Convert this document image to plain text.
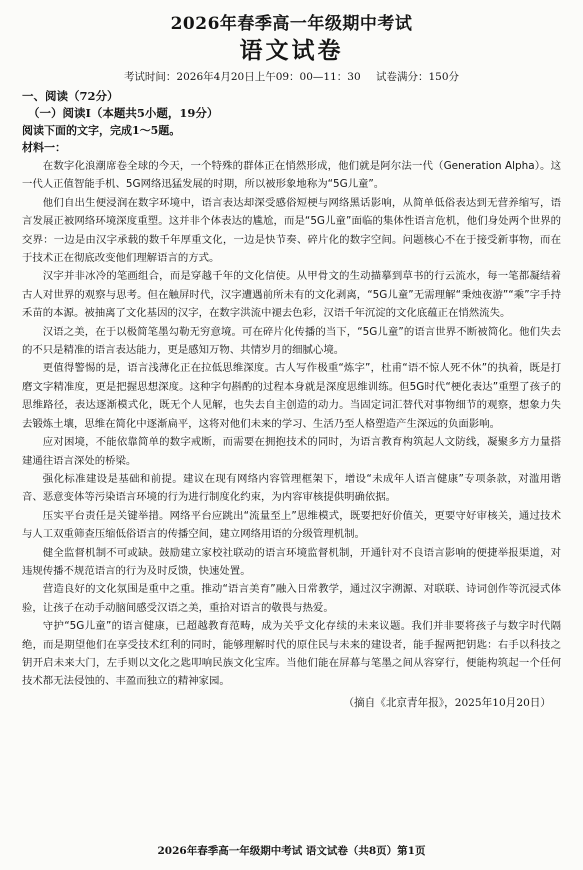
2026年春季高一年级期中考试
语文试卷
考试时间：2026年4月20日上午09：00—11：30 试卷满分：150分
一、阅读（72分）
（一）阅读Ⅰ（本题共5小题，19分）
阅读下面的文字，完成1～5题。
材料一：

在数字化浪潮席卷全球的今天，一个特殊的群体正在悄然形成，他们就是阿尔法一代（Generation Alpha）。这一代人正值智能手机、5G网络迅猛发展的时期，所以被形象地称为“5G儿童”。

他们自出生便浸润在数字环境中，语言表达却深受感俗短梗与网络黑话影响，从简单低俗表达到无营养缩写，语言发展正被网络环境深度重塑。这并非个体表达的尴尬，而是“5G儿童”面临的集体性语言危机，他们身处两个世界的交界：一边是由汉字承载的数千年厚重文化，一边是快节奏、碎片化的数字空间。问题核心不在于接受新事物，而在于技术正在彻底改变他们理解语言的方式。

汉字并非冰冷的笔画组合，而是穿越千年的文化信使。从甲骨文的生动描摹到草书的行云流水，每一笔都凝结着古人对世界的观察与思考。但在触屏时代，汉字遭遇前所未有的文化剥离，“5G儿童”无需理解“秉烛夜游”“乘”字手持禾苗的本源。被抽离了文化基因的汉字，在数字洪流中褪去色彩，汉语千年沉淀的文化底蕴正在悄然流失。

汉语之美，在于以极简笔墨勾勒无穷意境。可在碎片化传播的当下，“5G儿童”的语言世界不断被简化。他们失去的不只是精准的语言表达能力，更是感知万物、共情岁月的细腻心境。

更值得警惕的是，语言浅薄化正在拉低思维深度。古人写作极重“炼字”，杜甫“语不惊人死不休”的执着，既是打磨文字精准度，更是把握思想深度。这种字句斟酌的过程本身就是深度思维训练。但5G时代“梗化表达”重塑了孩子的思维路径，表达逐渐模式化，既无个人见解，也失去自主创造的动力。当固定词汇替代对事物细节的观察，想象力失去锻炼土壤，思维在简化中逐渐扁平，这将对他们未来的学习、生活乃至人格塑造产生深远的负面影响。

应对困境，不能依靠简单的数字戒断，而需要在拥抱技术的同时，为语言教育构筑起人文防线，凝聚多方力量搭建通往语言深处的桥梁。

强化标准建设是基础和前提。建议在现有网络内容管理框架下，增设“未成年人语言健康”专项条款，对滥用谐音、恶意变体等污染语言环境的行为进行制度化约束，为内容审核提供明确依据。

压实平台责任是关键举措。网络平台应跳出“流量至上”思维模式，既要把好价值关，更要守好审核关，通过技术与人工双重筛查压缩低俗语言的传播空间，建立网络用语的分级管理机制。

健全监督机制不可或缺。鼓励建立家校社联动的语言环境监督机制，开通针对不良语言影响的便捷举报渠道，对违规传播不规范语言的行为及时反馈，快速处置。

营造良好的文化氛围是重中之重。推动“语言美育”融入日常教学，通过汉字溯源、对联联、诗词创作等沉浸式体验，让孩子在动手动脑间感受汉语之美，重拾对语言的敬畏与热爱。

守护“5G儿童”的语言健康，已超越教育范畴，成为关乎文化存续的未来议题。我们并非要将孩子与数字时代隔绝，而是期望他们在享受技术红利的同时，能够理解时代的原住民与未来的建设者，能手握两把钥匙：右手以科技之钥开启未来大门，左手则以文化之匙叩响民族文化宝库。当他们能在屏幕与笔墨之间从容穿行，便能构筑起一个任何技术都无法侵蚀的、丰盈而独立的精神家园。

（摘自《北京青年报》，2025年10月20日）
2026年春季高一年级期中考试 语文试卷（共8页）第1页
